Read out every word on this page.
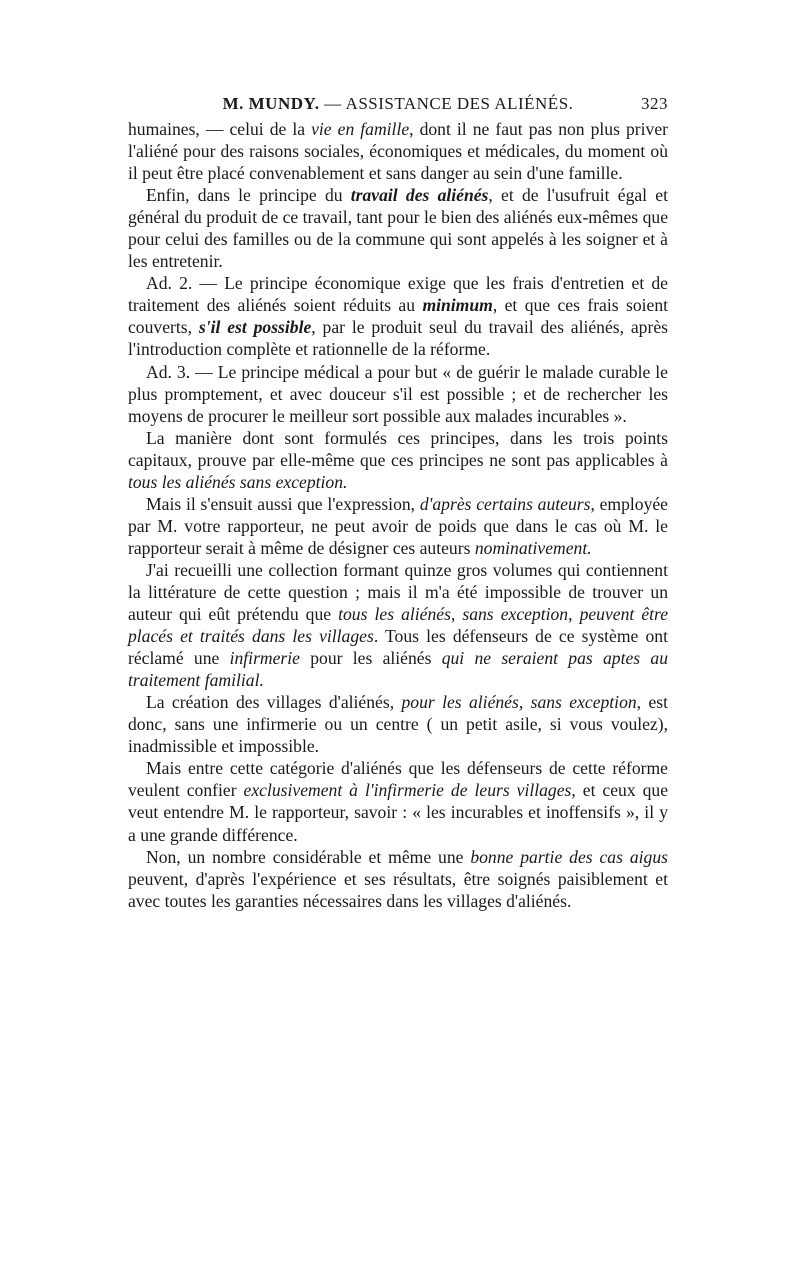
M. MUNDY. — ASSISTANCE DES ALIÉNÉS.	323

humaines, — celui de la vie en famille, dont il ne faut pas non plus priver l'aliéné pour des raisons sociales, économiques et médicales, du moment où il peut être placé convenablement et sans danger au sein d'une famille.

Enfin, dans le principe du travail des aliénés, et de l'usufruit égal et général du produit de ce travail, tant pour le bien des aliénés eux-mêmes que pour celui des familles ou de la commune qui sont appelés à les soigner et à les entretenir.

Ad. 2. — Le principe économique exige que les frais d'entretien et de traitement des aliénés soient réduits au minimum, et que ces frais soient couverts, s'il est possible, par le produit seul du travail des aliénés, après l'introduction complète et rationnelle de la réforme.

Ad. 3. — Le principe médical a pour but « de guérir le malade curable le plus promptement, et avec douceur s'il est possible ; et de rechercher les moyens de procurer le meilleur sort possible aux malades incurables ».

La manière dont sont formulés ces principes, dans les trois points capitaux, prouve par elle-même que ces principes ne sont pas applicables à tous les aliénés sans exception.

Mais il s'ensuit aussi que l'expression, d'après certains auteurs, employée par M. votre rapporteur, ne peut avoir de poids que dans le cas où M. le rapporteur serait à même de désigner ces auteurs nominativement.

J'ai recueilli une collection formant quinze gros volumes qui contiennent la littérature de cette question ; mais il m'a été impossible de trouver un auteur qui eût prétendu que tous les aliénés, sans exception, peuvent être placés et traités dans les villages. Tous les défenseurs de ce système ont réclamé une infirmerie pour les aliénés qui ne seraient pas aptes au traitement familial.

La création des villages d'aliénés, pour les aliénés, sans exception, est donc, sans une infirmerie ou un centre ( un petit asile, si vous voulez), inadmissible et impossible.

Mais entre cette catégorie d'aliénés que les défenseurs de cette réforme veulent confier exclusivement à l'infirmerie de leurs villages, et ceux que veut entendre M. le rapporteur, savoir : « les incurables et inoffensifs », il y a une grande différence.

Non, un nombre considérable et même une bonne partie des cas aigus peuvent, d'après l'expérience et ses résultats, être soignés paisiblement et avec toutes les garanties nécessaires dans les villages d'aliénés.
